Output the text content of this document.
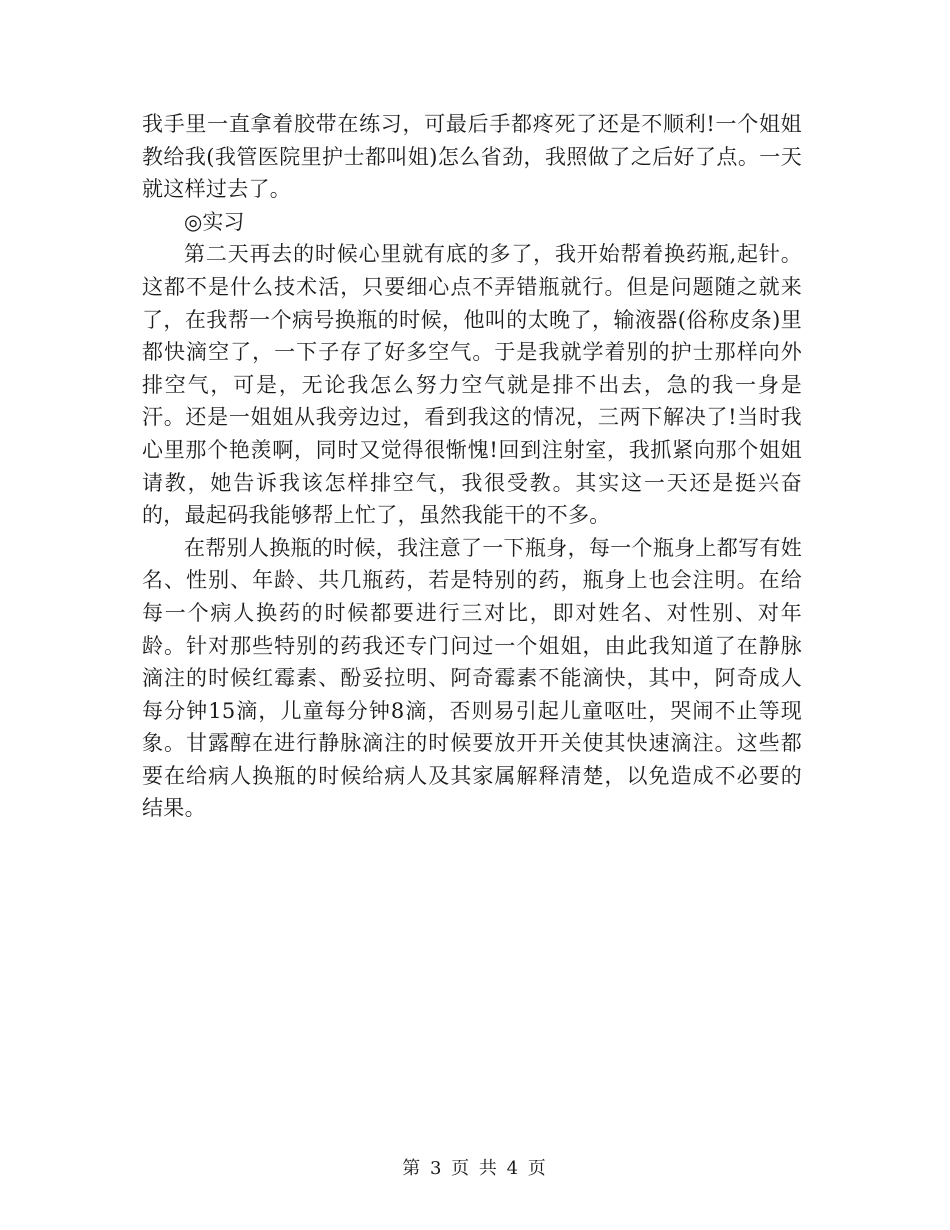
我手里一直拿着胶带在练习，可最后手都疼死了还是不顺利!一个姐姐教给我(我管医院里护士都叫姐)怎么省劲，我照做了之后好了点。一天就这样过去了。

◎实习

第二天再去的时候心里就有底的多了，我开始帮着换药瓶,起针。这都不是什么技术活，只要细心点不弄错瓶就行。但是问题随之就来了，在我帮一个病号换瓶的时候，他叫的太晚了，输液器(俗称皮条)里都快滴空了，一下子存了好多空气。于是我就学着别的护士那样向外排空气，可是，无论我怎么努力空气就是排不出去，急的我一身是汗。还是一姐姐从我旁边过，看到我这的情况，三两下解决了!当时我心里那个艳羡啊，同时又觉得很惭愧!回到注射室，我抓紧向那个姐姐请教，她告诉我该怎样排空气，我很受教。其实这一天还是挺兴奋的，最起码我能够帮上忙了，虽然我能干的不多。

在帮别人换瓶的时候，我注意了一下瓶身，每一个瓶身上都写有姓名、性别、年龄、共几瓶药，若是特别的药，瓶身上也会注明。在给每一个病人换药的时候都要进行三对比，即对姓名、对性别、对年龄。针对那些特别的药我还专门问过一个姐姐，由此我知道了在静脉滴注的时候红霉素、酚妥拉明、阿奇霉素不能滴快，其中，阿奇成人每分钟15滴，儿童每分钟8滴，否则易引起儿童呕吐，哭闹不止等现象。甘露醇在进行静脉滴注的时候要放开开关使其快速滴注。这些都要在给病人换瓶的时候给病人及其家属解释清楚，以免造成不必要的结果。

第 3 页 共 4 页
